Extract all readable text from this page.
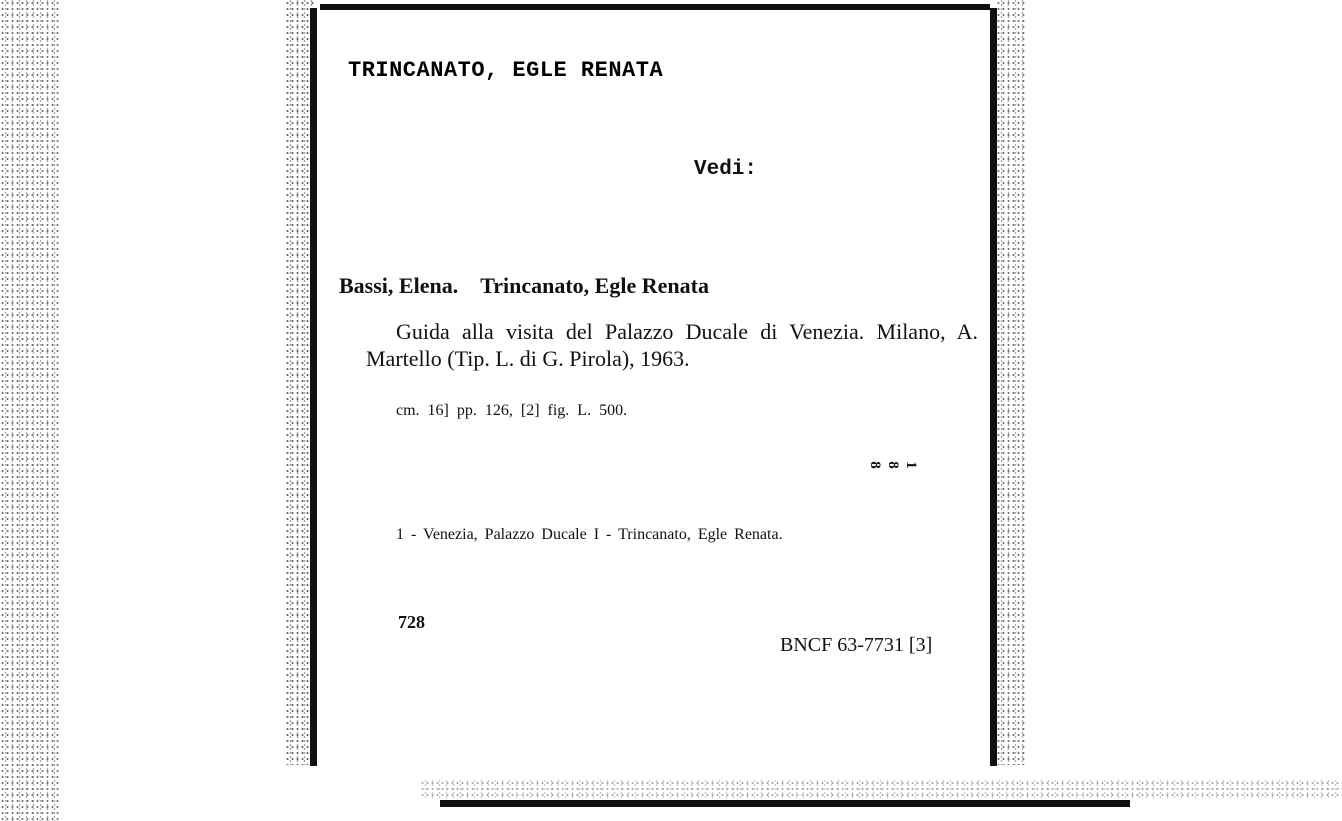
TRINCANATO, EGLE RENATA
Vedi:
Bassi, Elena. Trincanato, Egle Renata
Guida alla visita del Palazzo Ducale di Venezia. Milano, A. Martello (Tip. L. di G. Pirola), 1963.
cm. 16] pp. 126, [2] fig. L. 500.
1 8 8
1 - Venezia, Palazzo Ducale I - Trincanato, Egle Renata.
728
BNCF 63-7731 [3]
